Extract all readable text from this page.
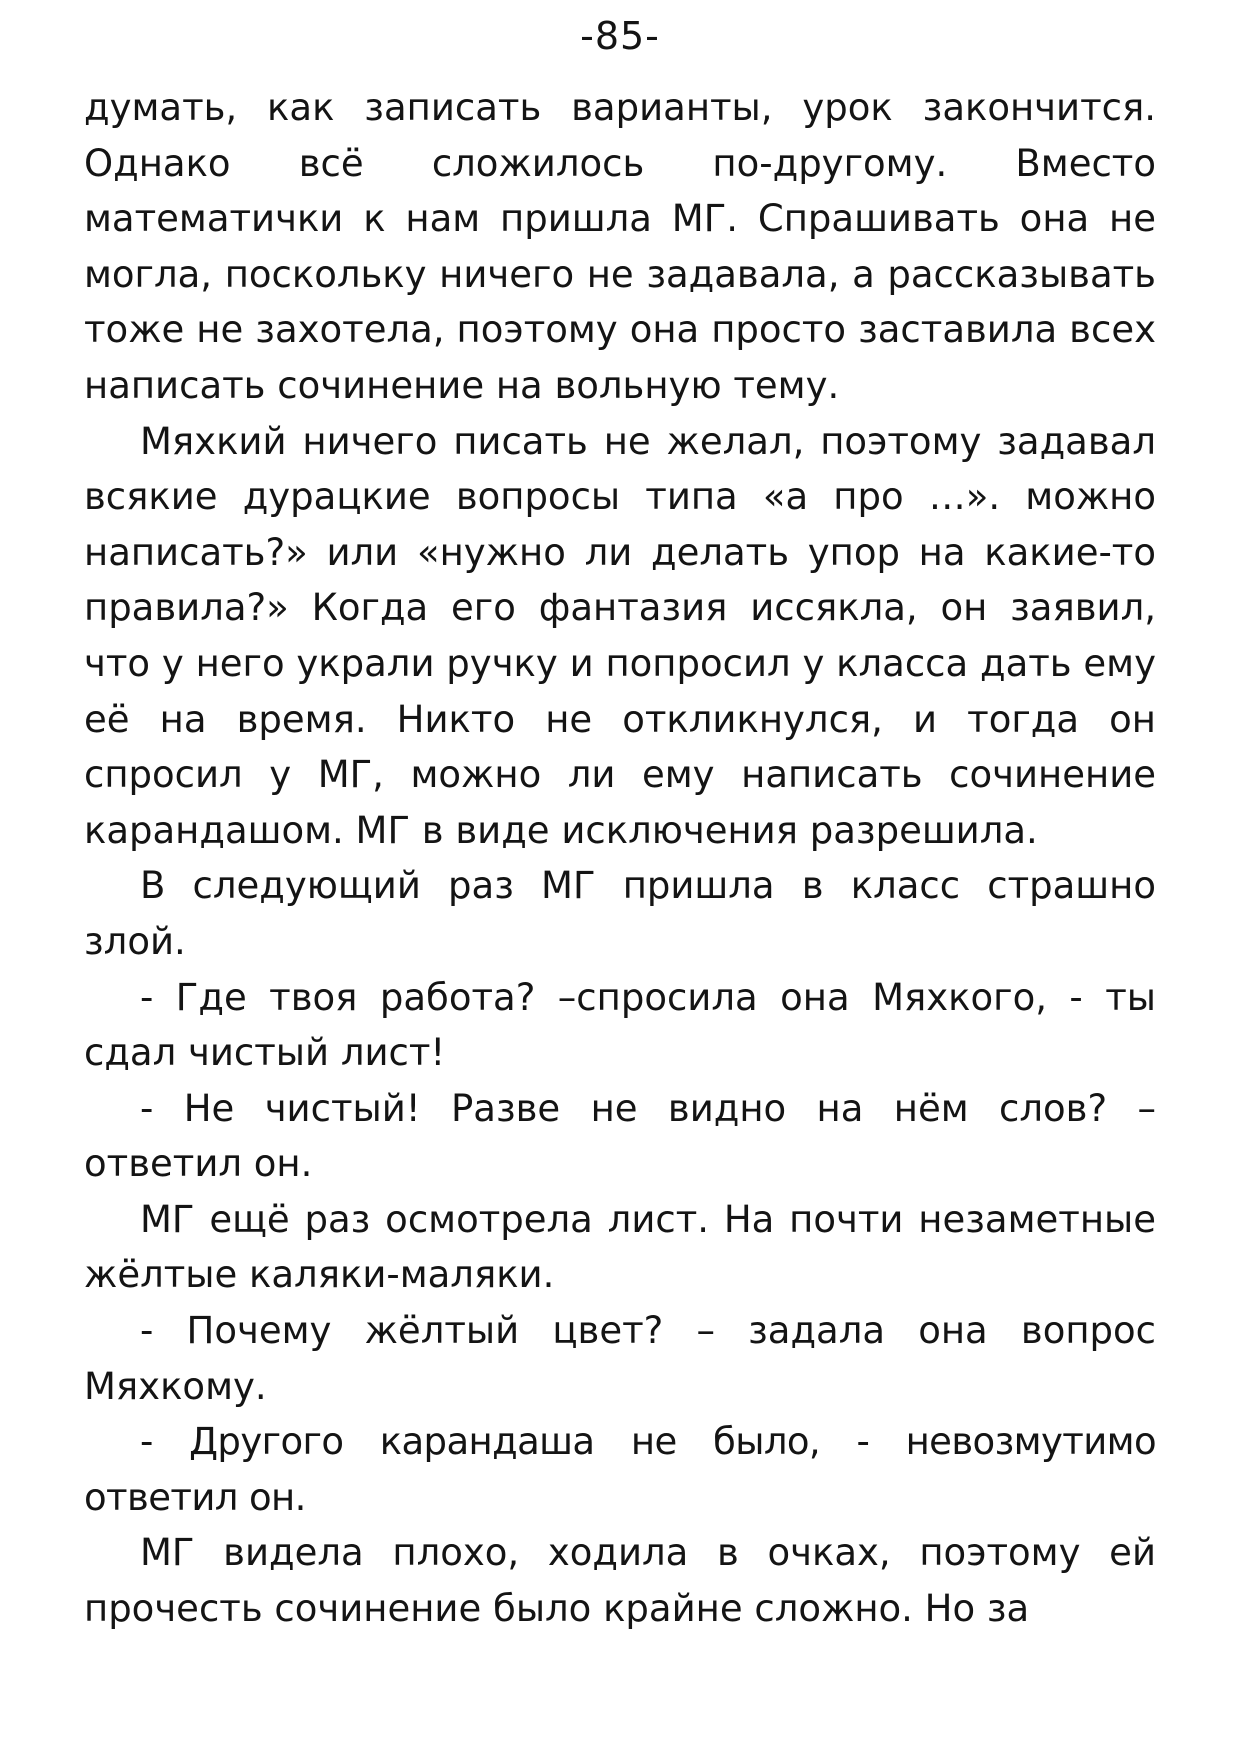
-85-

думать, как записать варианты, урок закончится. Однако всё сложилось по-другому. Вместо математички к нам пришла МГ. Спрашивать она не могла, поскольку ничего не задавала, а рассказывать тоже не захотела, поэтому она просто заставила всех написать сочинение на вольную тему.

Мяхкий ничего писать не желал, поэтому задавал всякие дурацкие вопросы типа «а про …». можно написать?» или «нужно ли делать упор на какие-то правила?» Когда его фантазия иссякла, он заявил, что у него украли ручку и попросил у класса дать ему её на время. Никто не откликнулся, и тогда он спросил у МГ, можно ли ему написать сочинение карандашом. МГ в виде исключения разрешила.

В следующий раз МГ пришла в класс страшно злой.

- Где твоя работа? –спросила она Мяхкого, - ты сдал чистый лист!

- Не чистый! Разве не видно на нём слов? – ответил он.

МГ ещё раз осмотрела лист. На почти незаметные жёлтые каляки-маляки.

- Почему жёлтый цвет? – задала она вопрос Мяхкому.

- Другого карандаша не было, - невозмутимо ответил он.

МГ видела плохо, ходила в очках, поэтому ей прочесть сочинение было крайне сложно. Но за
